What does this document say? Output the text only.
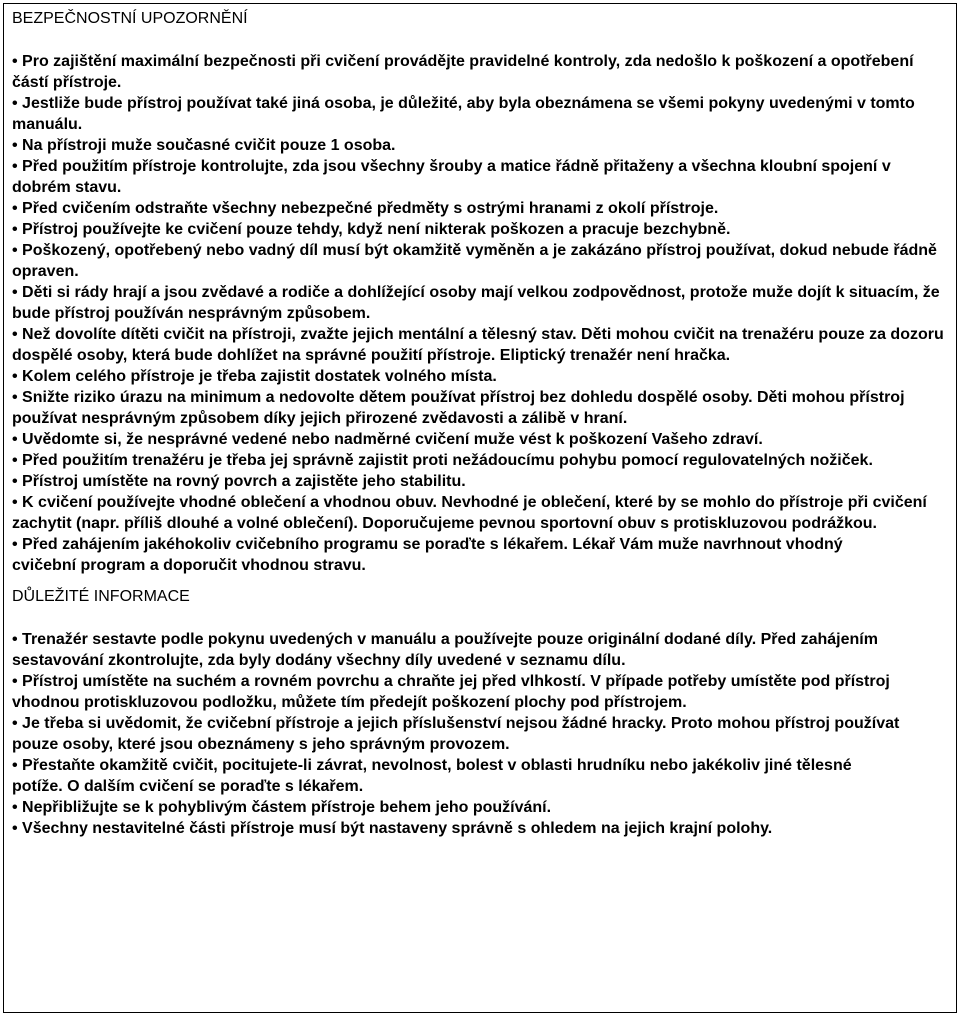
BEZPEČNOSTNÍ UPOZORNĚNÍ

• Pro zajištění maximální bezpečnosti při cvičení provádějte pravidelné kontroly, zda nedošlo k poškození a opotřebení částí přístroje.

• Jestliže bude přístroj používat také jiná osoba, je důležité, aby byla obeznámena se všemi pokyny uvedenými v tomto manuálu.

• Na přístroji muže současné cvičit pouze 1 osoba.

• Před použitím přístroje kontrolujte, zda jsou všechny šrouby a matice řádně přitaženy a všechna kloubní spojení v dobrém stavu.

• Před cvičením odstraňte všechny nebezpečné předměty s ostrými hranami z okolí přístroje.

• Přístroj používejte ke cvičení pouze tehdy, když není nikterak poškozen a pracuje bezchybně.

• Poškozený, opotřebený nebo vadný díl musí být okamžitě vyměněn a je zakázáno přístroj používat, dokud nebude řádně opraven.

• Děti si rády hrají a jsou zvědavé a rodiče a dohlížející osoby mají velkou zodpovědnost, protože muže dojít k situacím, že bude přístroj používán nesprávným způsobem.

• Než dovolíte dítěti cvičit na přístroji, zvažte jejich mentální a tělesný stav. Děti mohou cvičit na trenažéru pouze za dozoru dospělé osoby, která bude dohlížet na správné použití přístroje. Eliptický trenažér není hračka.

• Kolem celého přístroje je třeba zajistit dostatek volného místa.

• Snižte riziko úrazu na minimum a nedovolte dětem používat přístroj bez dohledu dospělé osoby. Děti mohou přístroj používat nesprávným způsobem díky jejich přirozené zvědavosti a zálibě v hraní.

• Uvědomte si, že nesprávné vedené nebo nadměrné cvičení muže vést k poškození Vašeho zdraví.

• Před použitím trenažéru je třeba jej správně zajistit proti nežádoucímu pohybu pomocí regulovatelných nožiček.

• Přístroj umístěte na rovný povrch a zajistěte jeho stabilitu.

• K cvičení používejte vhodné oblečení a vhodnou obuv. Nevhodné je oblečení, které by se mohlo do přístroje při cvičení zachytit (napr. příliš dlouhé a volné oblečení). Doporučujeme pevnou sportovní obuv s protiskluzovou podrážkou.

• Před zahájením jakéhokoliv cvičebního programu se poraďte s lékařem. Lékař Vám muže navrhnout vhodný
cvičební program a doporučit vhodnou stravu.

DŮLEŽITÉ INFORMACE

• Trenažér sestavte podle pokynu uvedených v manuálu a používejte pouze originální dodané díly. Před zahájením
sestavování zkontrolujte, zda byly dodány všechny díly uvedené v seznamu dílu.

• Přístroj umístěte na suchém a rovném povrchu a chraňte jej před vlhkostí. V případe potřeby umístěte pod přístroj
vhodnou protiskluzovou podložku, můžete tím předejít poškození plochy pod přístrojem.

• Je třeba si uvědomit, že cvičební přístroje a jejich příslušenství nejsou žádné hracky. Proto mohou přístroj používat
pouze osoby, které jsou obeznámeny s jeho správným provozem.

• Přestaňte okamžitě cvičit, pocitujete-li závrat, nevolnost, bolest v oblasti hrudníku nebo jakékoliv jiné tělesné
potíže. O dalším cvičení se poraďte s lékařem.

• Nepřibližujte se k pohyblivým částem přístroje behem jeho používání.

• Všechny nestavitelné části přístroje musí být nastaveny správně s ohledem na jejich krajní polohy.
